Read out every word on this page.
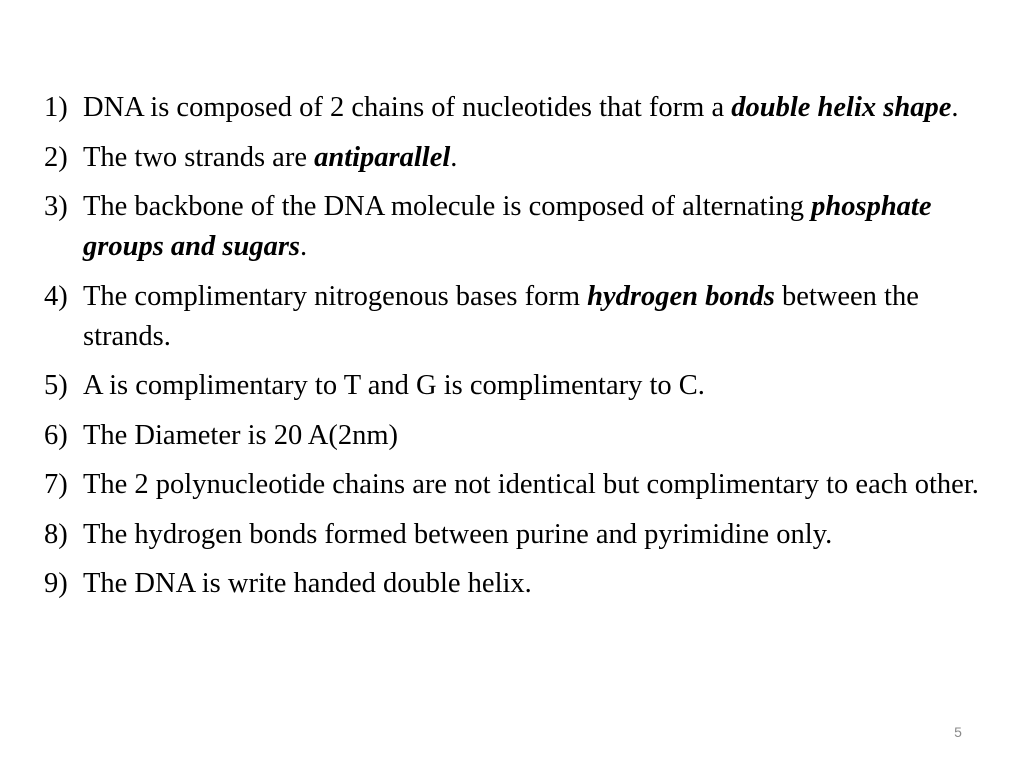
1) DNA is composed of 2 chains of nucleotides that form a double helix shape.
2) The two strands are antiparallel.
3) The backbone of the DNA molecule is composed of alternating phosphate groups and sugars.
4) The complimentary nitrogenous bases form hydrogen bonds between the strands.
5) A is complimentary to T and G is complimentary to C.
6) The Diameter is 20 A(2nm)
7) The 2 polynucleotide chains are not identical but complimentary to each other.
8) The hydrogen bonds formed between purine and pyrimidine only.
9) The DNA is write handed double helix.
5
